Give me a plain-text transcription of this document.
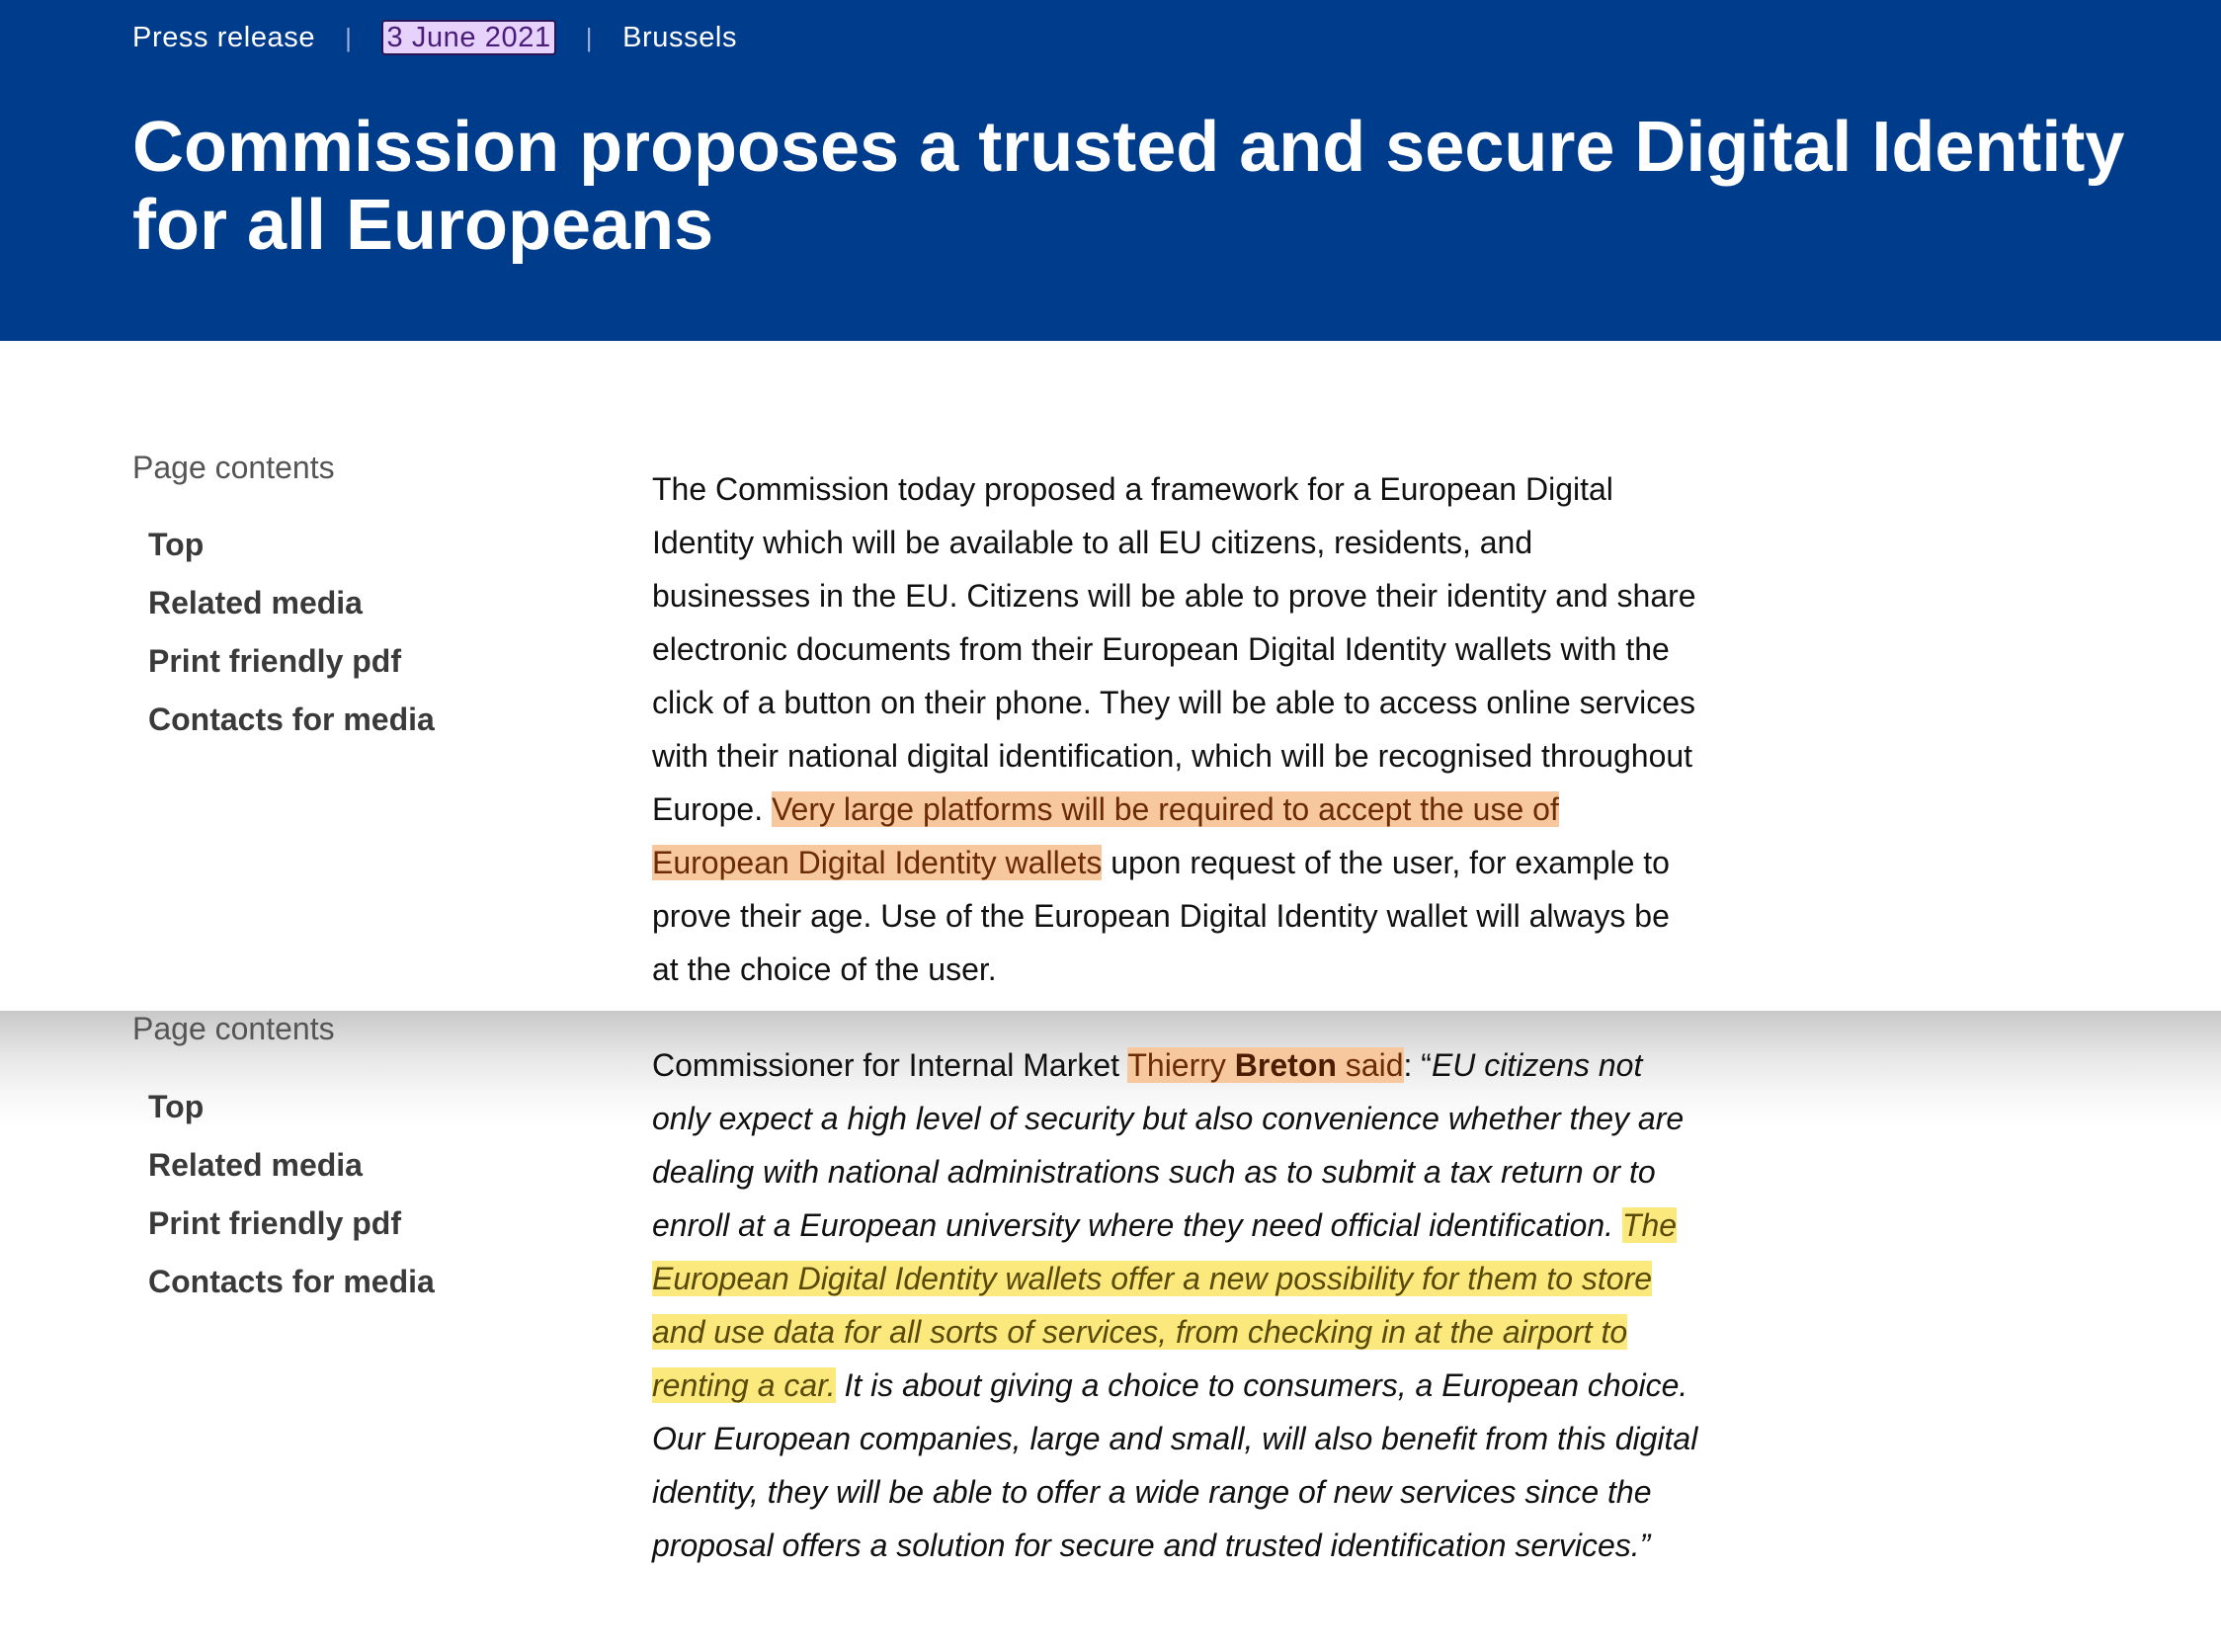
Press release | 3 June 2021 | Brussels
Commission proposes a trusted and secure Digital Identity for all Europeans
Page contents
Top
Related media
Print friendly pdf
Contacts for media

The Commission today proposed a framework for a European Digital Identity which will be available to all EU citizens, residents, and businesses in the EU. Citizens will be able to prove their identity and share electronic documents from their European Digital Identity wallets with the click of a button on their phone. They will be able to access online services with their national digital identification, which will be recognised throughout Europe. Very large platforms will be required to accept the use of European Digital Identity wallets upon request of the user, for example to prove their age. Use of the European Digital Identity wallet will always be at the choice of the user.

Page contents
Top
Related media
Print friendly pdf
Contacts for media

Commissioner for Internal Market Thierry Breton said: “EU citizens not only expect a high level of security but also convenience whether they are dealing with national administrations such as to submit a tax return or to enroll at a European university where they need official identification. The European Digital Identity wallets offer a new possibility for them to store and use data for all sorts of services, from checking in at the airport to renting a car. It is about giving a choice to consumers, a European choice. Our European companies, large and small, will also benefit from this digital identity, they will be able to offer a wide range of new services since the proposal offers a solution for secure and trusted identification services.”
